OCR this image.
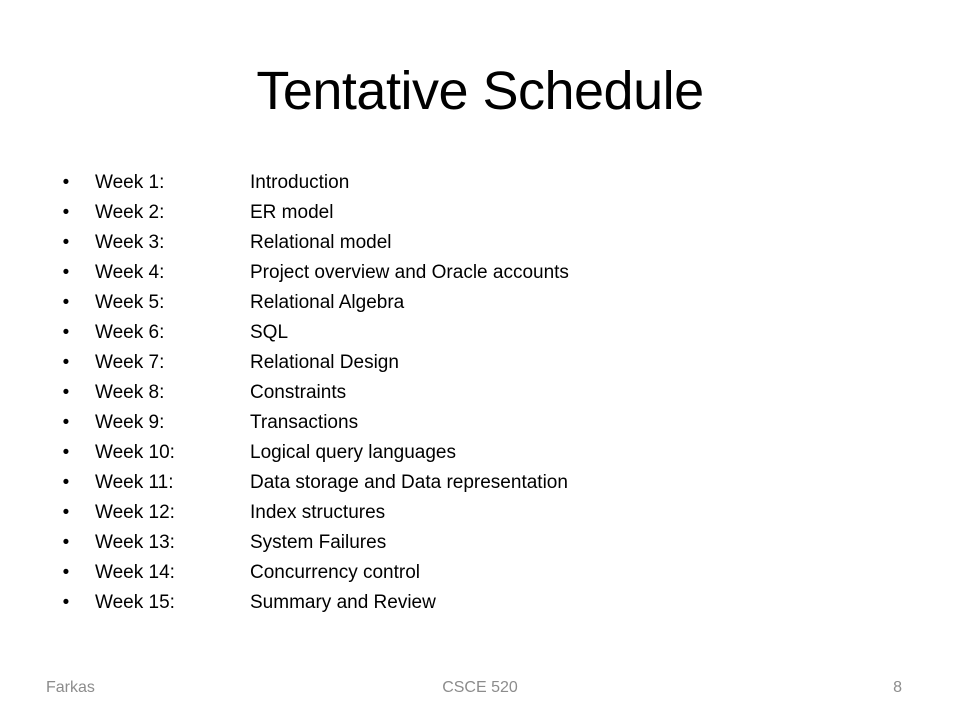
Tentative Schedule
• Week 1:	Introduction
• Week 2:	ER model
• Week 3:	Relational model
• Week 4:	Project overview and Oracle accounts
• Week 5:	Relational Algebra
• Week 6:	SQL
• Week 7:	Relational Design
• Week 8:	Constraints
• Week 9:	Transactions
• Week 10:	Logical query languages
• Week 11:	Data storage and Data representation
• Week 12:	Index structures
• Week 13:	System Failures
• Week 14:	Concurrency control
• Week 15:	Summary and Review
Farkas	CSCE 520	8
